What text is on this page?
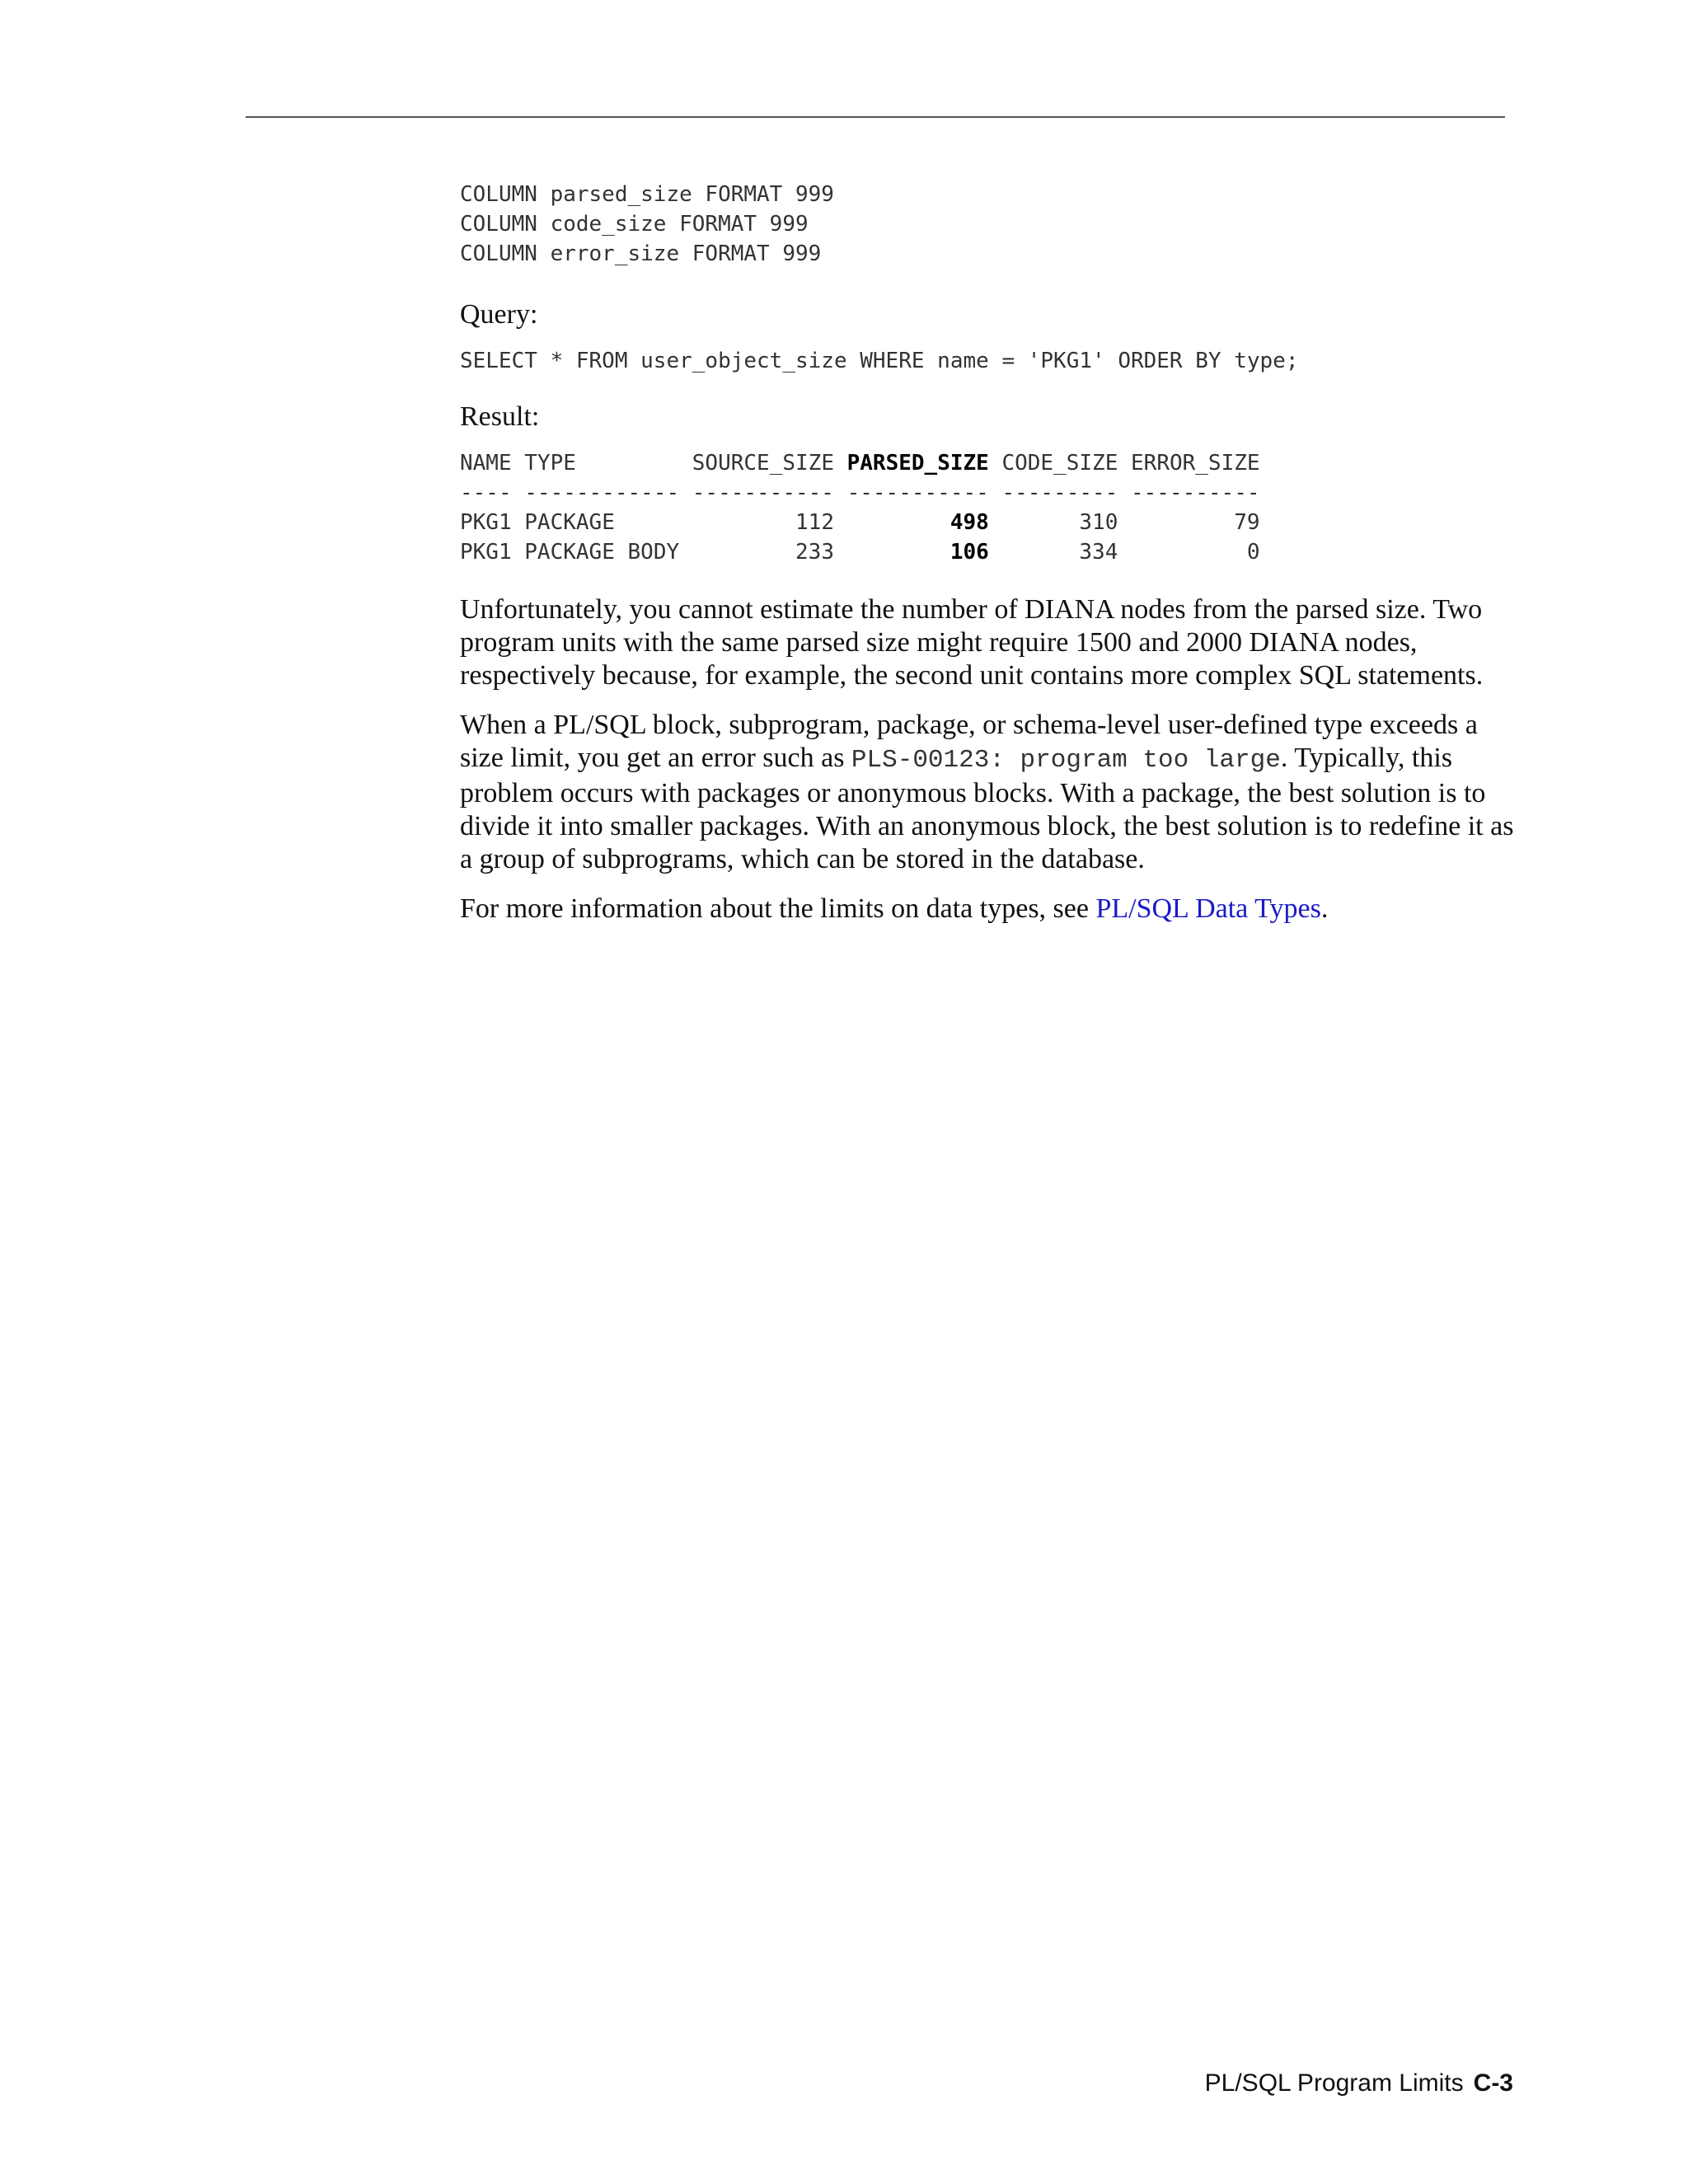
COLUMN parsed_size FORMAT 999
COLUMN code_size FORMAT 999
COLUMN error_size FORMAT 999
Query:
SELECT * FROM user_object_size WHERE name = 'PKG1' ORDER BY type;
Result:
NAME TYPE         SOURCE_SIZE PARSED_SIZE CODE_SIZE ERROR_SIZE
---- ------------ ----------- ----------- --------- ----------
PKG1 PACKAGE              112         498       310         79
PKG1 PACKAGE BODY         233         106       334          0

Unfortunately, you cannot estimate the number of DIANA nodes from the parsed size. Two program units with the same parsed size might require 1500 and 2000 DIANA nodes, respectively because, for example, the second unit contains more complex SQL statements.

When a PL/SQL block, subprogram, package, or schema-level user-defined type exceeds a size limit, you get an error such as PLS-00123: program too large. Typically, this problem occurs with packages or anonymous blocks. With a package, the best solution is to divide it into smaller packages. With an anonymous block, the best solution is to redefine it as a group of subprograms, which can be stored in the database.

For more information about the limits on data types, see PL/SQL Data Types.

PL/SQL Program Limits C-3
